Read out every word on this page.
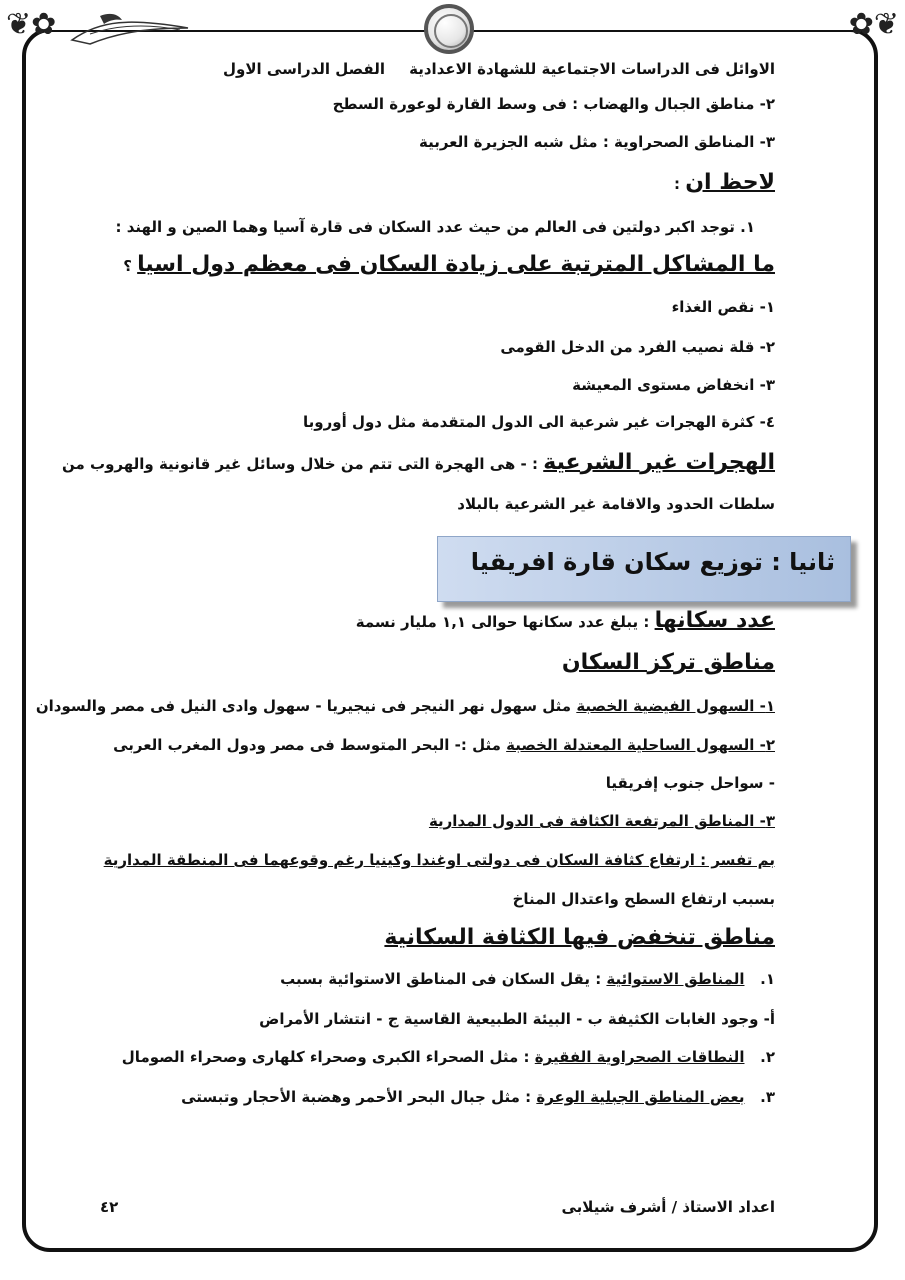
❦✿	✿❦
الاوائل فى الدراسات الاجتماعية للشهادة الاعدادية
الفصل الدراسى الاول
٢- مناطق الجبال والهضاب : فى وسط القارة لوعورة السطح
٣- المناطق الصحراوية : مثل شبه الجزيرة العربية
لاحظ ان :
١. توجد اكبر دولتين فى العالم من حيث عدد السكان فى قارة آسيا وهما الصين و الهند :
ما المشاكل المترتبة على زيادة السكان فى معظم دول اسيا ؟
١- نقص الغذاء
٢- قلة نصيب الفرد من الدخل القومى
٣- انخفاض مستوى المعيشة
٤- كثرة الهجرات غير شرعية الى الدول المتقدمة مثل دول أوروبا
الهجرات غير الشرعية : - هى الهجرة التى تتم من خلال وسائل غير قانونية والهروب من
سلطات الحدود والاقامة غير الشرعية بالبلاد
ثانيا : توزيع سكان قارة افريقيا
عدد سكانها : يبلغ عدد سكانها حوالى ١,١ مليار نسمة
مناطق تركز السكان
١- السهول الفيضية الخصبة مثل سهول نهر النيجر فى نيجيريا - سهول وادى النيل فى مصر والسودان
٢- السهول الساحلية المعتدلة الخصبة مثل :- البحر المتوسط فى مصر ودول المغرب العربى
- سواحل جنوب إفريقيا
٣- المناطق المرتفعة الكثافة فى الدول المدارية
بم تفسر : ارتفاع كثافة السكان فى دولتى اوغندا وكينيا رغم وقوعهما فى المنطقة المدارية
بسبب ارتفاع السطح واعتدال المناخ
مناطق تنخفض فيها الكثافة السكانية
١.   المناطق الاستوائية : يقل السكان فى المناطق الاستوائية بسبب
أ- وجود الغابات الكثيفة ب - البيئة الطبيعية القاسية ج - انتشار الأمراض
٢.   النطاقات الصحراوية الفقيرة : مثل الصحراء الكبرى وصحراء كلهارى وصحراء الصومال
٣.   بعض المناطق الجبلية الوعرة : مثل جبال البحر الأحمر وهضبة الأحجار وتبستى
اعداد الاستاذ / أشرف شيلابى
٤٢
